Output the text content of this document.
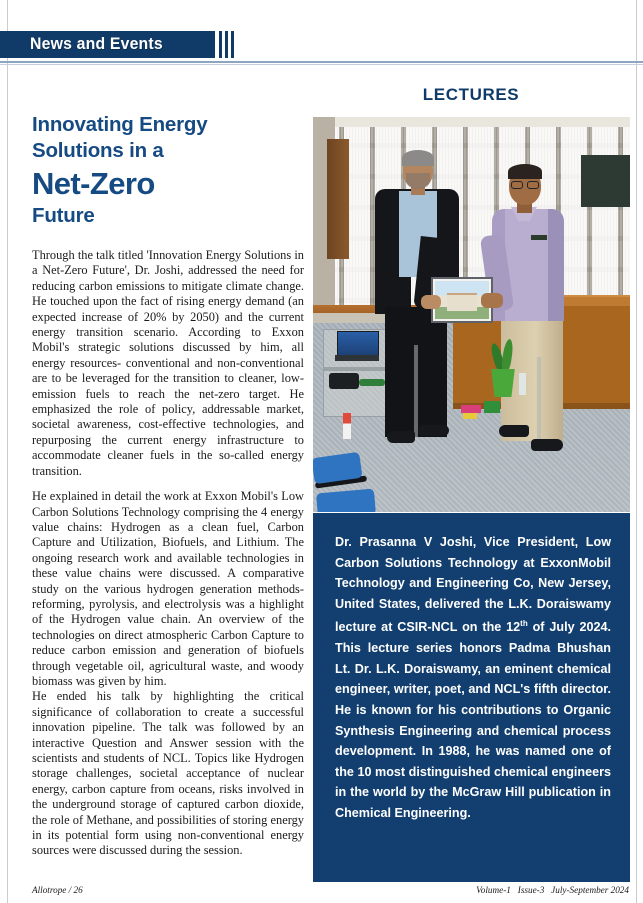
News and Events
LECTURES
Innovating Energy
Solutions in a
Net-Zero
Future

Through the talk titled 'Innovation Energy Solutions in a Net-Zero Future', Dr. Joshi, addressed the need for reducing carbon emissions to mitigate climate change. He touched upon the fact of rising energy demand (an expected increase of 20% by 2050) and the current energy transition scenario. According to Exxon Mobil's strategic solutions discussed by him, all energy resources- conventional and non-conventional are to be leveraged for the transition to cleaner, low-emission fuels to reach the net-zero target. He emphasized the role of policy, addressable market, societal awareness, cost-effective technologies, and repurposing the current energy infrastructure to accommodate cleaner fuels in the so-called energy transition.

He explained in detail the work at Exxon Mobil's Low Carbon Solutions Technology comprising the 4 energy value chains: Hydrogen as a clean fuel, Carbon Capture and Utilization, Biofuels, and Lithium. The ongoing research work and available technologies in these value chains were discussed. A comparative study on the various hydrogen generation methods-reforming, pyrolysis, and electrolysis was a highlight of the Hydrogen value chain. An overview of the technologies on direct atmospheric Carbon Capture to reduce carbon emission and generation of biofuels through vegetable oil, agricultural waste, and woody biomass was given by him.

He ended his talk by highlighting the critical significance of collaboration to create a successful innovation pipeline. The talk was followed by an interactive Question and Answer session with the scientists and students of NCL. Topics like Hydrogen storage challenges, societal acceptance of nuclear energy, carbon capture from oceans, risks involved in the underground storage of captured carbon dioxide, the role of Methane, and possibilities of storing energy in its potential form using non-conventional energy sources were discussed during the session.

Dr. Prasanna V Joshi, Vice President, Low Carbon Solutions Technology at ExxonMobil Technology and Engineering Co, New Jersey, United States, delivered the L.K. Doraiswamy lecture at CSIR-NCL on the 12th of July 2024. This lecture series honors Padma Bhushan Lt. Dr. L.K. Doraiswamy, an eminent chemical engineer, writer, poet, and NCL's fifth director. He is known for his contributions to Organic Synthesis Engineering and chemical process development. In 1988, he was named one of the 10 most distinguished chemical engineers in the world by the McGraw Hill publication in Chemical Engineering.
Allotrope / 26	Volume-1   Issue-3   July-September 2024
